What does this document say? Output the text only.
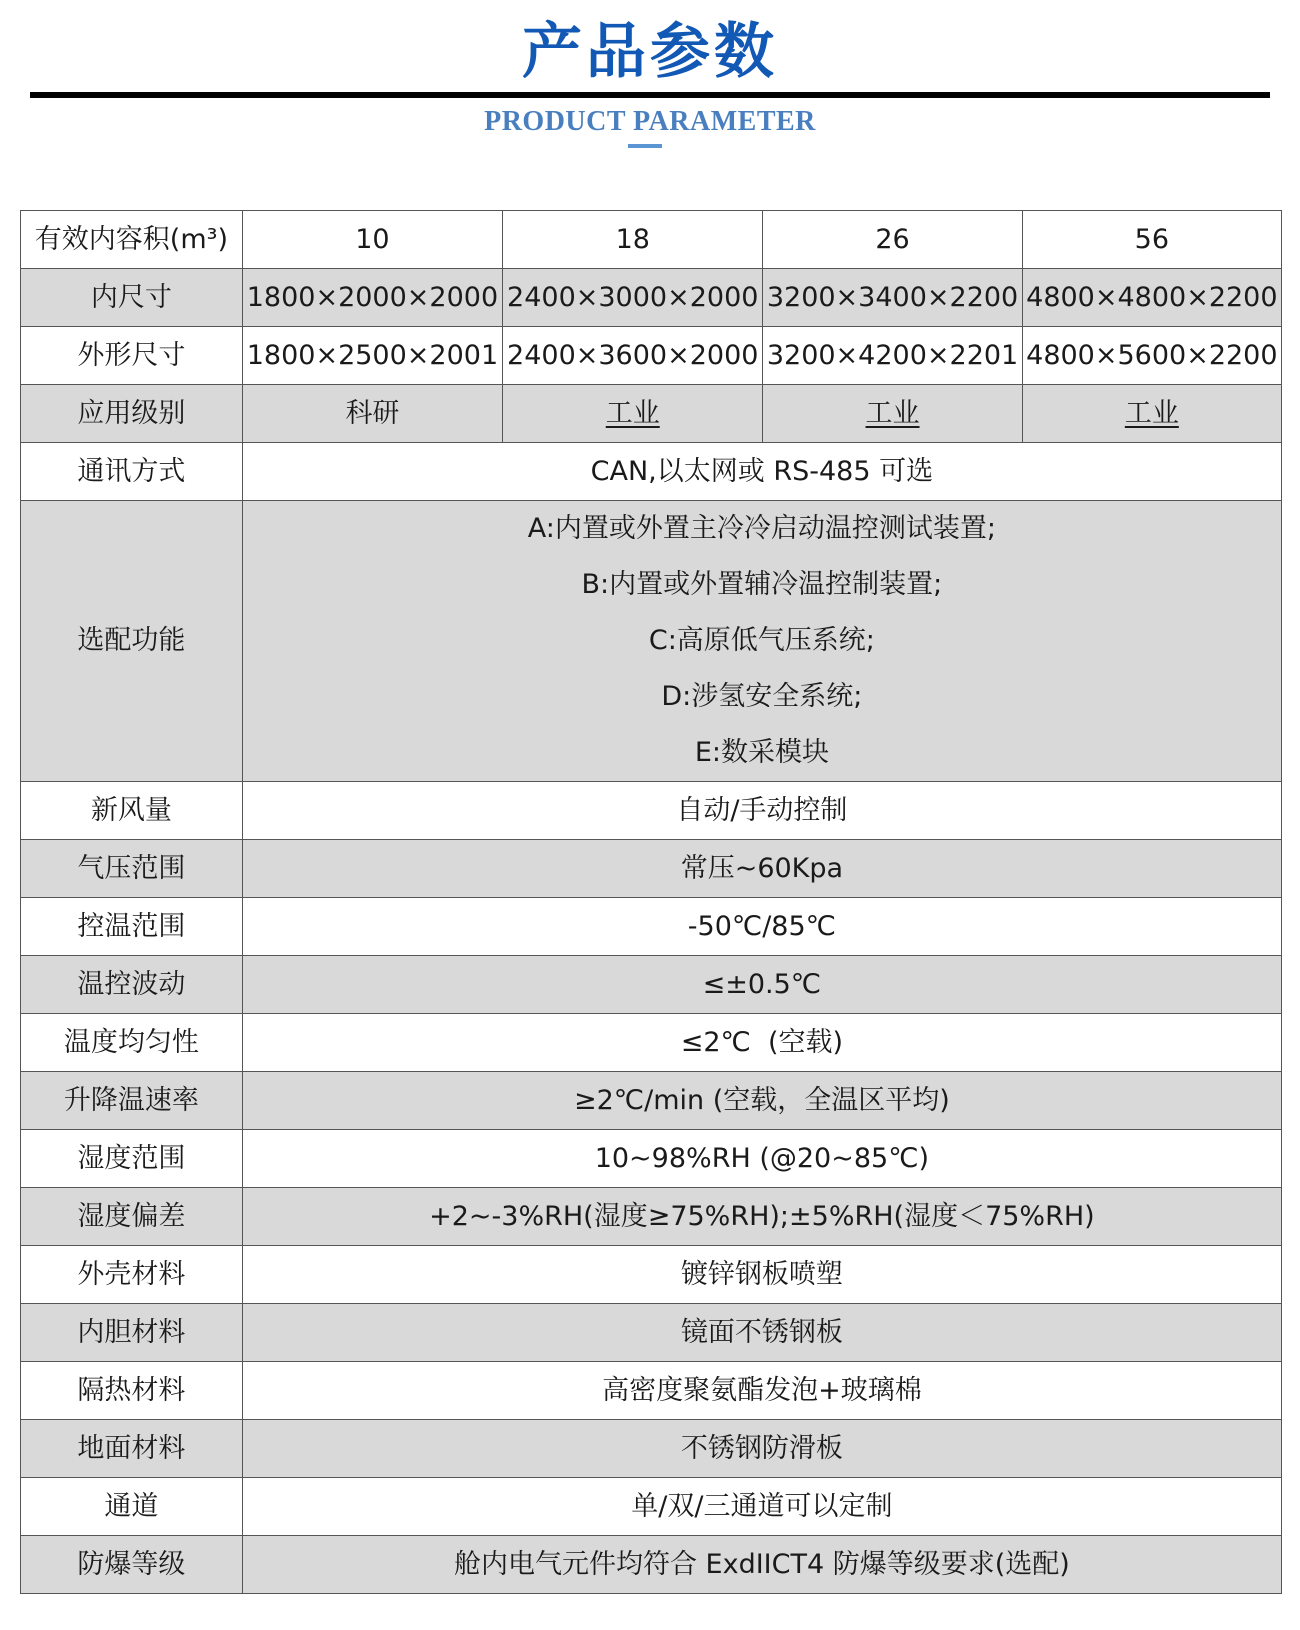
产品参数
PRODUCT PARAMETER
有效内容积(m³)	10	18	26	56
内尺寸	1800×2000×2000	2400×3000×2000	3200×3400×2200	4800×4800×2200
外形尺寸	1800×2500×2001	2400×3600×2000	3200×4200×2201	4800×5600×2200
应用级别	科研	工业	工业	工业
通讯方式	CAN,以太网或 RS-485 可选			
选配功能	A:内置或外置主冷冷启动温控测试装置;
B:内置或外置辅冷温控制装置;
C:高原低气压系统;
D:涉氢安全系统;
E:数采模块			

新风量	自动/手动控制			
气压范围	常压~60Kpa			
控温范围	-50℃/85℃			
温控波动	≤±0.5℃			
温度均匀性	≤2℃  (空载)			
升降温速率	≥2℃/min (空载，全温区平均)			
湿度范围	10~98%RH (@20~85℃)			
湿度偏差	+2~-3%RH(湿度≥75%RH);±5%RH(湿度＜75%RH)			
外壳材料	镀锌钢板喷塑			
内胆材料	镜面不锈钢板			
隔热材料	高密度聚氨酯发泡+玻璃棉			
地面材料	不锈钢防滑板			
通道	单/双/三通道可以定制			
防爆等级	舱内电气元件均符合 ExdIICT4 防爆等级要求(选配)			
